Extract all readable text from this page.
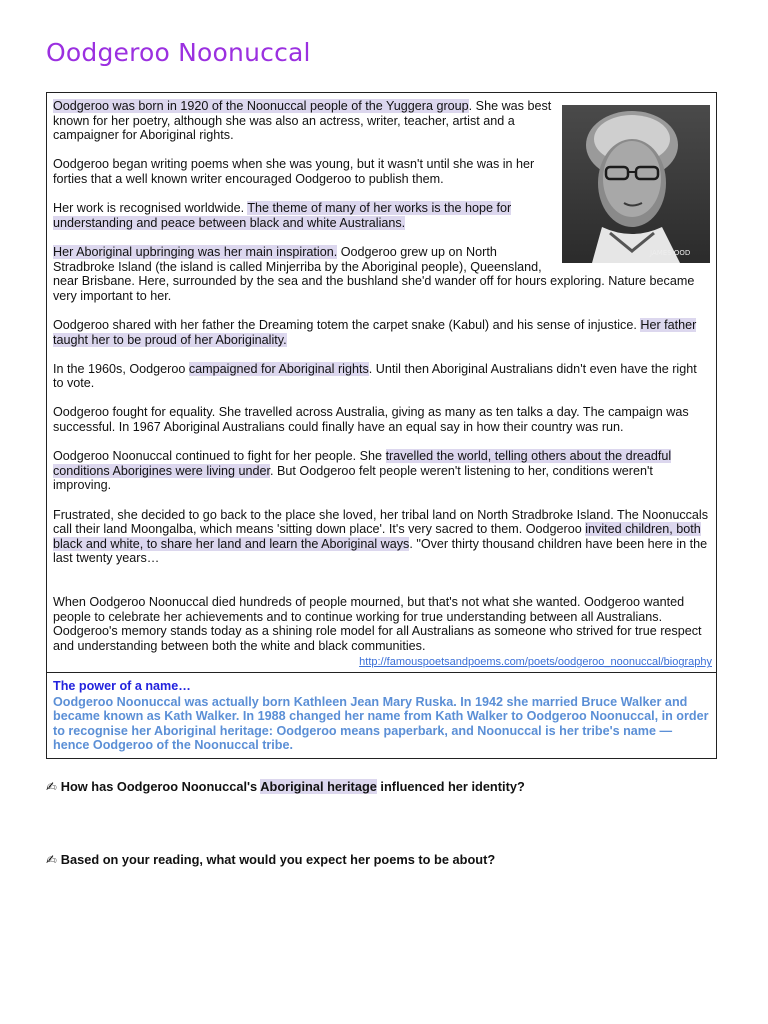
Oodgeroo Noonuccal
JAMES OOD

Oodgeroo was born in 1920 of the Noonuccal people of the Yuggera group. She was best known for her poetry, although she was also an actress, writer, teacher, artist and a campaigner for Aboriginal rights.

Oodgeroo began writing poems when she was young, but it wasn't until she was in her forties that a well known writer encouraged Oodgeroo to publish them.

Her work is recognised worldwide. The theme of many of her works is the hope for understanding and peace between black and white Australians.

Her Aboriginal upbringing was her main inspiration. Oodgeroo grew up on North Stradbroke Island (the island is called Minjerriba by the Aboriginal people), Queensland, near Brisbane. Here, surrounded by the sea and the bushland she'd wander off for hours exploring. Nature became very important to her.

Oodgeroo shared with her father the Dreaming totem the carpet snake (Kabul) and his sense of injustice. Her father taught her to be proud of her Aboriginality.

In the 1960s, Oodgeroo campaigned for Aboriginal rights. Until then Aboriginal Australians didn't even have the right to vote.

Oodgeroo fought for equality. She travelled across Australia, giving as many as ten talks a day. The campaign was successful. In 1967 Aboriginal Australians could finally have an equal say in how their country was run.

Oodgeroo Noonuccal continued to fight for her people. She travelled the world, telling others about the dreadful conditions Aborigines were living under. But Oodgeroo felt people weren't listening to her, conditions weren't improving.

Frustrated, she decided to go back to the place she loved, her tribal land on North Stradbroke Island. The Noonuccals call their land Moongalba, which means 'sitting down place'. It's very sacred to them. Oodgeroo invited children, both black and white, to share her land and learn the Aboriginal ways. "Over thirty thousand children have been here in the last twenty years…

When Oodgeroo Noonuccal died hundreds of people mourned, but that's not what she wanted. Oodgeroo wanted people to celebrate her achievements and to continue working for true understanding between all Australians. Oodgeroo's memory stands today as a shining role model for all Australians as someone who strived for true respect and understanding between both the white and black communities.

http://famouspoetsandpoems.com/poets/oodgeroo_noonuccal/biography

The power of a name…

Oodgeroo Noonuccal was actually born Kathleen Jean Mary Ruska. In 1942 she married Bruce Walker and became known as Kath Walker. In 1988 changed her name from Kath Walker to Oodgeroo Noonuccal, in order to recognise her Aboriginal heritage: Oodgeroo means paperbark, and Noonuccal is her tribe's name — hence Oodgeroo of the Noonuccal tribe.

✍ How has Oodgeroo Noonuccal's Aboriginal heritage influenced her identity?

✍ Based on your reading, what would you expect her poems to be about?
